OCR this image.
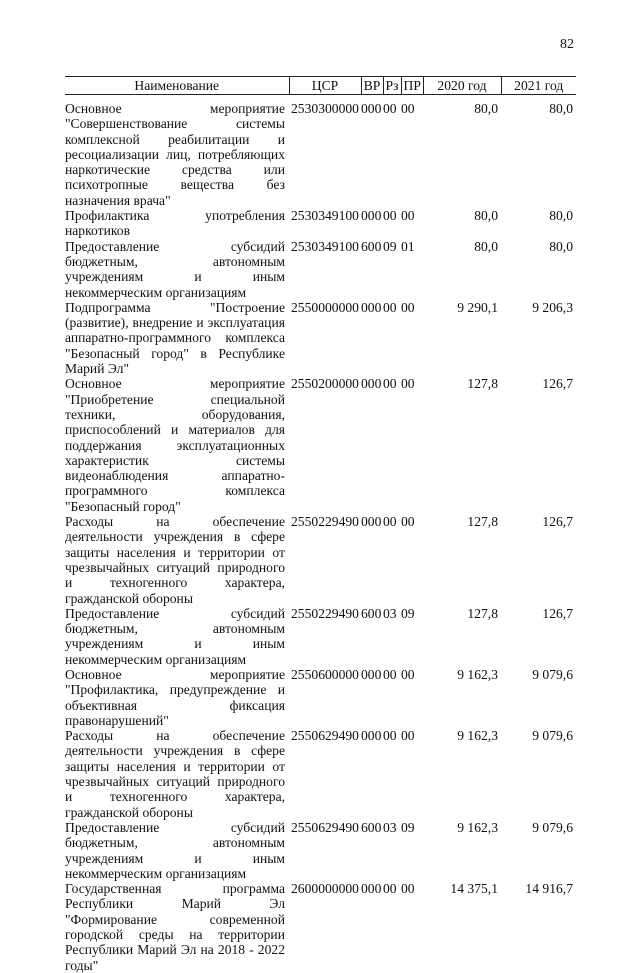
82
Наименование	ЦСР	ВР	Рз	ПР	2020 год	2021 год
Основное мероприятие "Совершенствование системы комплексной реабилитации и ресоциализации лиц, потребляющих наркотические средства или психотропные вещества без назначения врача"	2530300000	000	00	00	80,0	80,0
Профилактика употребления наркотиков	2530349100	000	00	00	80,0	80,0
Предоставление субсидий бюджетным, автономным учреждениям и иным некоммерческим организациям	2530349100	600	09	01	80,0	80,0
Подпрограмма "Построение (развитие), внедрение и эксплуатация аппаратно-программного комплекса "Безопасный город" в Республике Марий Эл"	2550000000	000	00	00	9 290,1	9 206,3
Основное мероприятие "Приобретение специальной техники, оборудования, приспособлений и материалов для поддержания эксплуатационных характеристик системы видеонаблюдения аппаратно-программного комплекса "Безопасный город"	2550200000	000	00	00	127,8	126,7
Расходы на обеспечение деятельности учреждения в сфере защиты населения и территории от чрезвычайных ситуаций природного и техногенного характера, гражданской обороны	2550229490	000	00	00	127,8	126,7
Предоставление субсидий бюджетным, автономным учреждениям и иным некоммерческим организациям	2550229490	600	03	09	127,8	126,7
Основное мероприятие "Профилактика, предупреждение и объективная фиксация правонарушений"	2550600000	000	00	00	9 162,3	9 079,6
Расходы на обеспечение деятельности учреждения в сфере защиты населения и территории от чрезвычайных ситуаций природного и техногенного характера, гражданской обороны	2550629490	000	00	00	9 162,3	9 079,6
Предоставление субсидий бюджетным, автономным учреждениям и иным некоммерческим организациям	2550629490	600	03	09	9 162,3	9 079,6
Государственная программа Республики Марий Эл "Формирование современной городской среды на территории Республики Марий Эл на 2018 - 2022 годы"	2600000000	000	00	00	14 375,1	14 916,7
